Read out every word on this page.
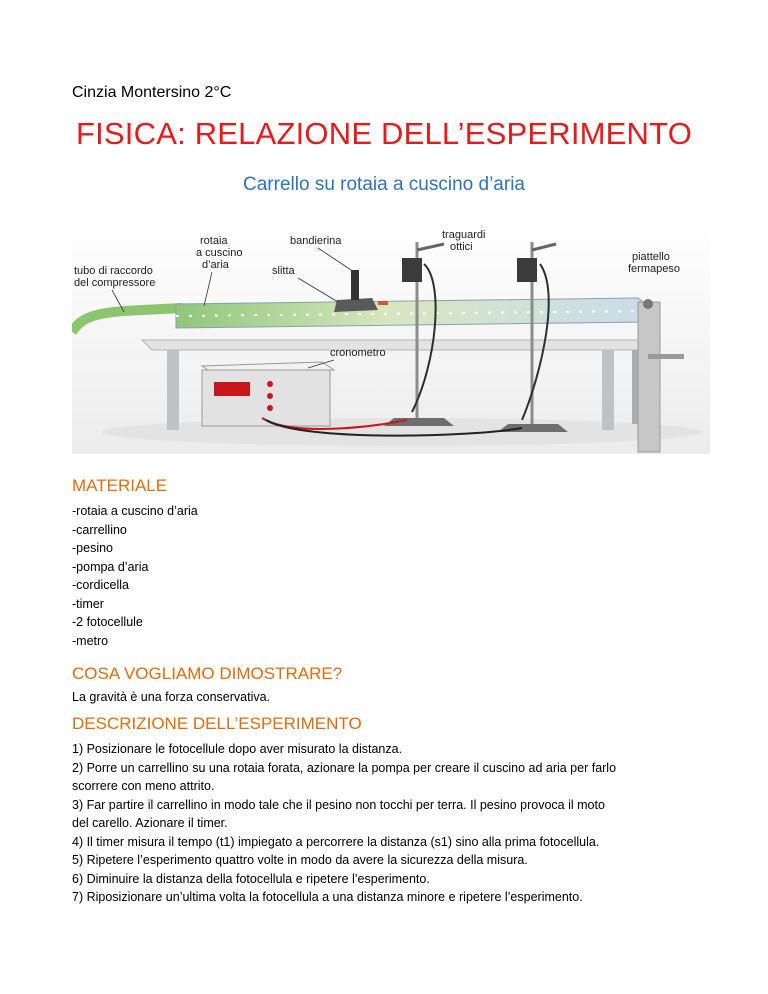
Cinzia Montersino 2°C
FISICA: RELAZIONE DELL’ESPERIMENTO
Carrello su rotaia a cuscino d’aria
rotaia
a cuscino
d’aria
bandierina	traguardi
ottici
tubo di raccordo
del compressore
slitta
piattello
fermapeso
cronometro
MATERIALE
-rotaia a cuscino d’aria
-carrellino
-pesino
-pompa d’aria
-cordicella
-timer
-2 fotocellule
-metro
COSA VOGLIAMO DIMOSTRARE?
La gravità è una forza conservativa.
DESCRIZIONE DELL’ESPERIMENTO
1) Posizionare le fotocellule dopo aver misurato la distanza.
2) Porre un carrellino su una rotaia forata, azionare la pompa per creare il cuscino ad aria per farlo
scorrere con meno attrito.
3) Far partire il carrellino in modo tale che il pesino non tocchi per terra. Il pesino provoca il moto
del carello. Azionare il timer.
4) Il timer misura il tempo (t1) impiegato a percorrere la distanza (s1) sino alla prima fotocellula.
5) Ripetere l’esperimento quattro volte in modo da avere la sicurezza della misura.
6) Diminuire la distanza della fotocellula e ripetere l’esperimento.
7) Riposizionare un’ultima volta la fotocellula a una distanza minore e ripetere l’esperimento.
